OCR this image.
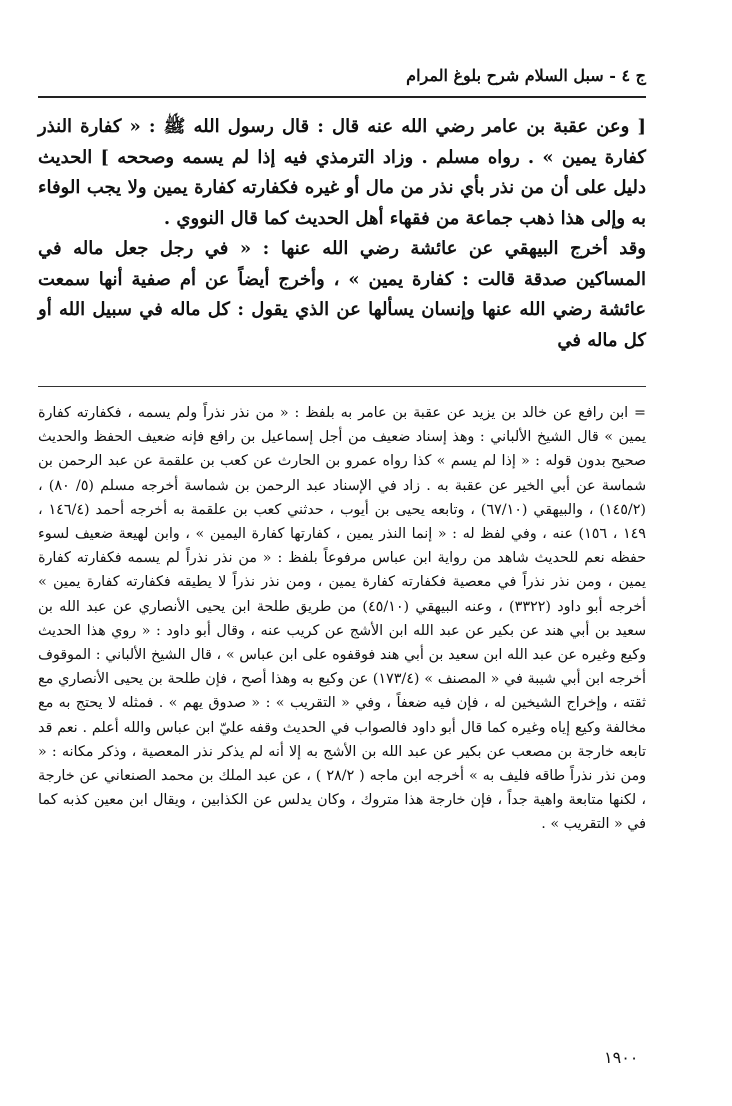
ج ٤ - سبل السلام شرح بلوغ المرام

[ وعن عقبة بن عامر رضي الله عنه قال : قال رسول الله ﷺ : « كفارة النذر كفارة يمين » . رواه مسلم . وزاد الترمذي فيه إذا لم يسمه وصححه ] الحديث دليل على أن من نذر بأي نذر من مال أو غيره فكفارته كفارة يمين ولا يجب الوفاء به وإلى هذا ذهب جماعة من فقهاء أهل الحديث كما قال النووي .

وقد أخرج البيهقي عن عائشة رضي الله عنها : « في رجل جعل ماله في المساكين صدقة قالت : كفارة يمين » ، وأخرج أيضاً عن أم صفية أنها سمعت عائشة رضي الله عنها وإنسان يسألها عن الذي يقول : كل ماله في سبيل الله أو كل ماله في

= ابن رافع عن خالد بن يزيد عن عقبة بن عامر به بلفظ : « من نذر نذراً ولم يسمه ، فكفارته كفارة يمين » قال الشيخ الألباني : وهذ إسناد ضعيف من أجل إسماعيل بن رافع فإنه ضعيف الحفظ والحديث صحيح بدون قوله : « إذا لم يسم » كذا رواه عمرو بن الحارث عن كعب بن علقمة عن عبد الرحمن بن شماسة عن أبي الخير عن عقبة به . زاد في الإسناد عبد الرحمن بن شماسة أخرجه مسلم (٥/ ٨٠) ، (١٤٥/٢) ، والبيهقي (٦٧/١٠) ، وتابعه يحيى بن أيوب ، حدثني كعب بن علقمة به أخرجه أحمد (١٤٦/٤ ، ١٤٩ ، ١٥٦) عنه ، وفي لفظ له : « إنما النذر يمين ، كفارتها كفارة اليمين » ، وابن لهيعة ضعيف لسوء حفظه نعم للحديث شاهد من رواية ابن عباس مرفوعاً بلفظ : « من نذر نذراً لم يسمه فكفارته كفارة يمين ، ومن نذر نذراً في معصية فكفارته كفارة يمين ، ومن نذر نذراً لا يطيقه فكفارته كفارة يمين » أخرجه أبو داود (٣٣٢٢) ، وعنه البيهقي (٤٥/١٠) من طريق طلحة ابن يحيى الأنصاري عن عبد الله بن سعيد بن أبي هند عن بكير عن عبد الله ابن الأشج عن كريب عنه ، وقال أبو داود : « روي هذا الحديث وكيع وغيره عن عبد الله ابن سعيد بن أبي هند فوقفوه على ابن عباس » ، قال الشيخ الألباني : الموقوف أخرجه ابن أبي شيبة في « المصنف » (١٧٣/٤) عن وكيع به وهذا أصح ، فإن طلحة بن يحيى الأنصاري مع ثقته ، وإخراج الشيخين له ، فإن فيه ضعفاً ، وفي « التقريب » : « صدوق يهم » . فمثله لا يحتج به مع مخالفة وكيع إياه وغيره كما قال أبو داود فالصواب في الحديث وقفه عليّ ابن عباس والله أعلم . نعم قد تابعه خارجة بن مصعب عن بكير عن عبد الله بن الأشج به إلا أنه لم يذكر نذر المعصية ، وذكر مكانه : « ومن نذر نذراً طاقه فليف به » أخرجه ابن ماجه ( ٢٨/٢ ) ، عن عبد الملك بن محمد الصنعاني عن خارجة ، لكنها متابعة واهية جداً ، فإن خارجة هذا متروك ، وكان يدلس عن الكذابين ، ويقال ابن معين كذبه كما في « التقريب » .

١٩٠٠
